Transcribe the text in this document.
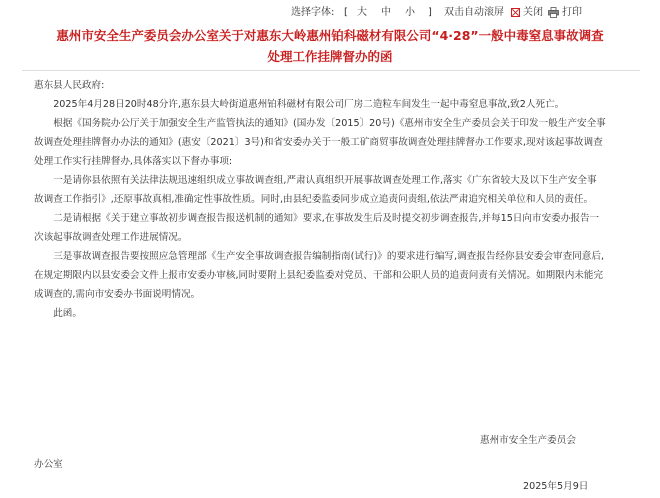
选择字体: [ 大 中 小 ] 双击自动滚屏	关闭	打印
惠州市安全生产委员会办公室关于对惠东大岭惠州铂科磁材有限公司“4·28”一般中毒窒息事故调查
处理工作挂牌督办的函

惠东县人民政府:

2025年4月28日20时48分许,惠东县大岭街道惠州铂科磁材有限公司厂房二造粒车间发生一起中毒窒息事故,致2人死亡。

根据《国务院办公厅关于加强安全生产监管执法的通知》(国办发〔2015〕20号)《惠州市安全生产委员会关于印发一般生产安全事故调查处理挂牌督办办法的通知》(惠安〔2021〕3号)和省安委办关于一般工矿商贸事故调查处理挂牌督办工作要求,现对该起事故调查处理工作实行挂牌督办,具体落实以下督办事项:

一是请你县依照有关法律法规迅速组织成立事故调查组,严肃认真组织开展事故调查处理工作,落实《广东省较大及以下生产安全事故调查工作指引》,还原事故真相,准确定性事故性质。同时,由县纪委监委同步成立追责问责组,依法严肃追究相关单位和人员的责任。

二是请根据《关于建立事故初步调查报告报送机制的通知》要求,在事故发生后及时提交初步调查报告,并每15日向市安委办报告一次该起事故调查处理工作进展情况。

三是事故调查报告要按照应急管理部《生产安全事故调查报告编制指南(试行)》的要求进行编写,调查报告经你县安委会审查同意后,在规定期限内以县安委会文件上报市安委办审核,同时要附上县纪委监委对党员、干部和公职人员的追责问责有关情况。如期限内未能完成调查的,需向市安委办书面说明情况。

此函。

惠州市安全生产委员会
办公室
2025年5月9日
